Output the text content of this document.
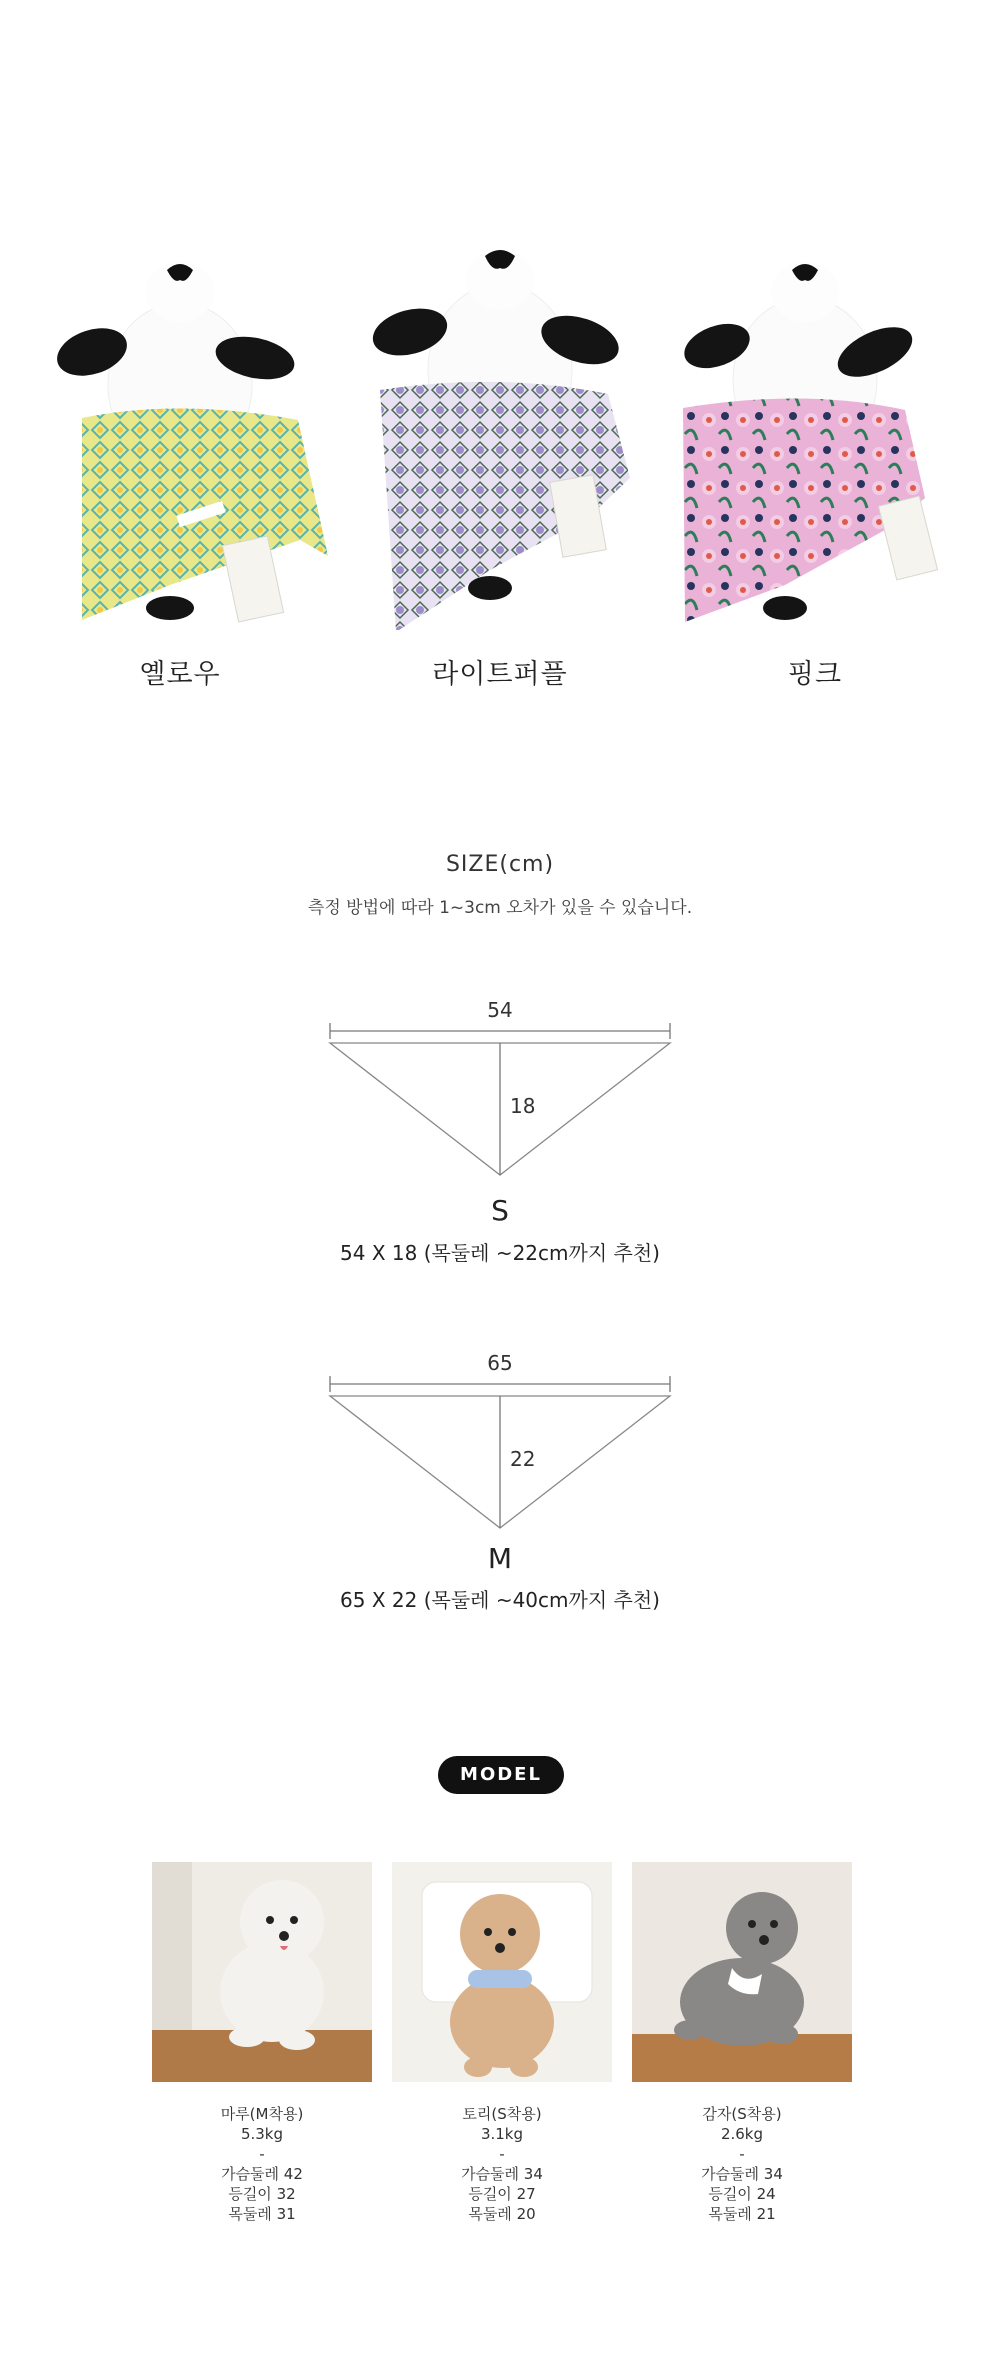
옐로우	라이트퍼플	핑크
SIZE(cm)
측정 방법에 따라 1~3cm 오차가 있을 수 있습니다.
54
18
S
54 X 18 (목둘레 ~22cm까지 추천)
65
22
M
65 X 22 (목둘레 ~40cm까지 추천)
MODEL
마루(M착용)
5.3kg
-
가슴둘레 42
등길이 32
목둘레 31
토리(S착용)
3.1kg
-
가슴둘레 34
등길이 27
목둘레 20
감자(S착용)
2.6kg
-
가슴둘레 34
등길이 24
목둘레 21
